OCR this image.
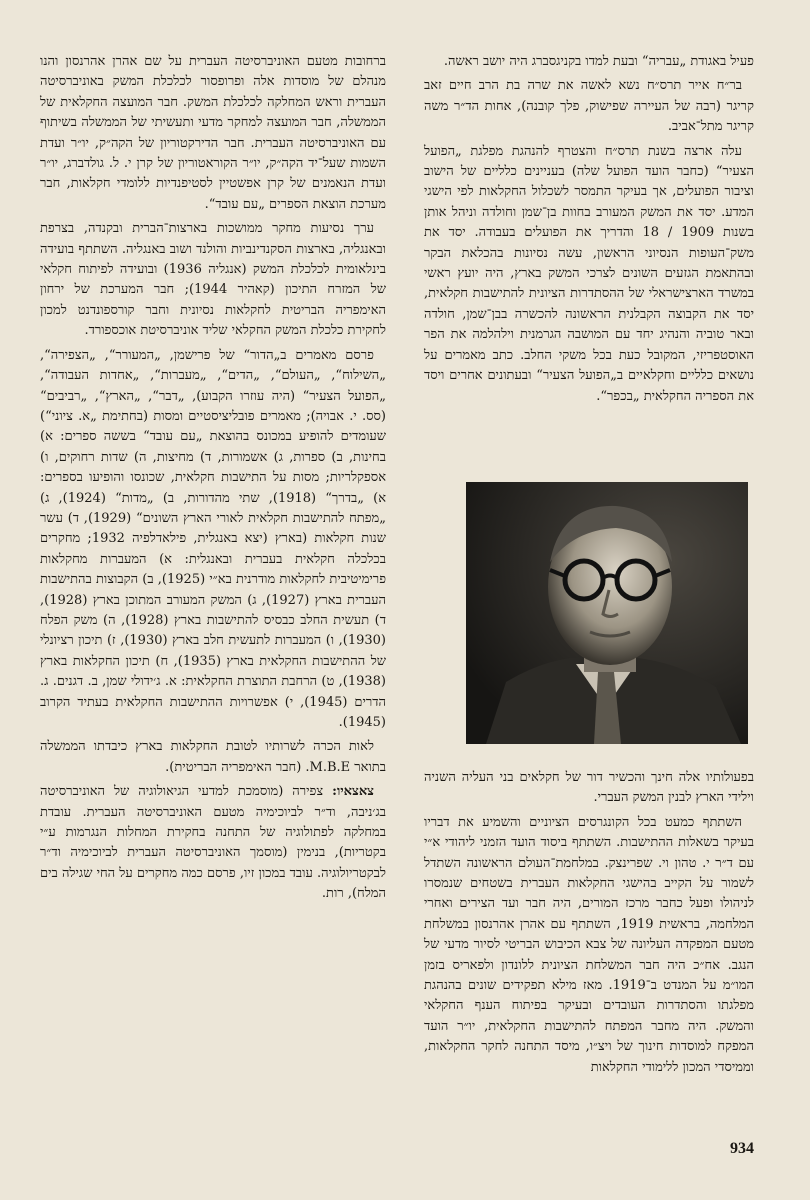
פעיל באגודת „עבריה“ ובעת למדו בקניגסברג היה יושב ראשה.

בר״ח אייר תרס״ח נשא לאשה את שרה בת הרב חיים זאב קריגר (רבה של העיירה שפישוק, פלך קובנה), אחות הד״ר משה קריגר מתל־אביב.

עלה ארצה בשנת תרס״ח והצטרף להנהגת מפלגת „הפועל הצעיר“ (כחבר הועד הפועל שלה) בעניינים כלליים של הישוב וציבור הפועלים, אך בעיקר התמסר לשכלול החקלאות לפי הישגי המדע. יסד את המשק המעורב בחוות בן־שמן וחולדה וניהל אותן בשנות 1909 / 18 והדריך את הפועלים בעבודה. יסד את משק־העופות הנסיוני הראשון, עשה נסיונות בהכלאת הבקר ובהתאמת הגזעים השונים לצרכי המשק בארץ, היה יועץ ראשי במשרד הארצישראלי של ההסתדרות הציונית להתישבות חקלאית, יסד את הקבוצה הקבלנית הראשונה להכשרה בבן־שמן, חולדה ובאר טוביה והנהיג יחד עם המושבה הגרמנית וילהלמה את הפר האוסטפריזי, המקובל כעת בכל משקי החלב. כתב מאמרים על נושאים כלליים וחקלאיים ב„הפועל הצעיר“ ובעתונים אחרים ויסד את הספריה החקלאית „בכפר“.

בפעולותיו אלה חינך והכשיר דור של חקלאים בני העליה השניה וילידי הארץ לבנין המשק העברי.

השתתף כמעט בכל הקונגרסים הציוניים והשמיע את דבריו בעיקר בשאלות ההתישבות. השתתף ביסוד הועד הזמני ליהודי א״י עם ד״ר י. טהון וי. שפרינצק. במלחמת־העולם הראשונה השתדל לשמור על הקייב בהישגי החקלאות העברית בשטחים שנמסרו לניהולו ופעל כחבר מרכז המורים, היה חבר ועד הצירים ואחרי המלחמה, בראשית 1919, השתתף עם אהרן אהרנסון במשלחת מטעם המפקדה העליונה של צבא הכיבוש הבריטי לסיור מדעי של הנגב. אח״כ היה חבר המשלחת הציונית ללונדון ולפאריס בזמן המו״מ על המנדט ב־1919. מאז מילא תפקידים שונים בהנהגת מפלגתו והסתדרות העובדים ובעיקר בפיתוח הענף החקלאי והמשק. היה מחבר המפתח להתישבות החקלאית, יו״ר הועד המפקח למוסדות חינוך של ויצ״ו, מיסד התחנה לחקר החקלאות, וממיסדי המכון ללימודי החקלאות

ברחובות מטעם האוניברסיטה העברית על שם אהרן אהרנסון והנו מנהלם של מוסדות אלה ופרופסור לכלכלת המשק באוניברסיטה העברית וראש המחלקה לכלכלת המשק. חבר המועצה החקלאית של הממשלה, חבר המועצה למחקר מדעי ותעשיתי של הממשלה בשיתוף עם האוניברסיטה העברית. חבר הדירקטוריון של הקה״ק, יו״ר ועדת השמות שעל־יד הקה״ק, יו״ר הקוראטוריון של קרן י. ל. גולדברג, יו״ר ועדת הנאמנים של קרן אפשטיין לסטיפנדיות ללומדי חקלאות, חבר מערכת הוצאת הספרים „עם עובד“.

ערך נסיעות מחקר ממושכות בארצות־הברית ובקנדה, בצרפת ובאנגליה, בארצות הסקנדינביות והולנד ושוב באנגליה. השתתף בועידה בינלאומית לכלכלת המשק (אנגליה 1936) ובועידה לפיתוח חקלאי של המזרח התיכון (קאהיר 1944); חבר המערכת של ירחון האימפריה הבריטית לחקלאות נסיונית וחבר קורספונדנט למכון לחקירת כלכלת המשק החקלאי שליד אוניברסיטת אוכספורד.

פרסם מאמרים ב„הדור“ של פרישמן, „המעורר“, „הצפירה“, „השילוח“, „העולם“, „הדים“, „מעברות“, „אחדות העבודה“, „הפועל הצעיר“ (היה עוזרו הקבוע), „דבר“, „הארץ“, „רביבים“ (סס. י. אבויה); מאמרים פובליציסטיים ומסות (בחתימת „א. ציוני“) שעומדים להופיע במכונס בהוצאת „עם עובד“ בששה ספרים: א) בחינות, ב) ספרות, ג) אשמורות, ד) מחיצות, ה) שדות רחוקים, ו) אספקלריות; מסות על התישבות חקלאית, שכונסו והופיעו בספרים: א) „בדרך“ (1918), שתי מהדורות, ב) „מדות“ (1924), ג) „מפתח להתישבות חקלאית לאורי הארץ השונים“ (1929), ד) עשר שנות חקלאות (בארץ (יצא באנגלית, פילאדלפיה 1932; מחקרים בכלכלה חקלאית בעברית ובאנגלית: א) המעברות מחקלאות פרימיטיבית לחקלאות מודרנית בא״י (1925), ב) הקבוצות בהתישבות העברית בארץ (1927), ג) המשק המעורב המתוכן בארץ (1928), ד) תעשית החלב כבסיס להתישבות בארץ (1928), ה) משק הפלח (1930), ו) המעברות לתעשית חלב בארץ (1930), ז) תיכון רציונלי של ההתישבות החקלאית בארץ (1935), ח) תיכון החקלאות בארץ (1938), ט) הרחבת התוצרת החקלאית: א. ג׳ידולי שמן, ב. דגנים. ג. הדרים (1945), י) אפשרויות ההתישבות החקלאית בעתיד הקרוב (1945).

לאות הכרה לשרותיו לטובת החקלאות בארץ כיבדתו הממשלה בתואר M.B.E. (חבר האימפריה הבריטית).

צאצאיו: צפירה (מוסמכת למדעי הגיאולוגיה של האוניברסיטה בג׳ניבה, וד״ר לביוכימיה מטעם האוניברסיטה העברית. עובדת במחלקה לפתולוגיה של התחנה בחקירת המחלות הנגרמות ע״י בקטריות), בנימין (מוסמך האוניברסיטה העברית לביוכימיה וד״ר לבקטריולוגיה. עובד במכון זיו, פרסם כמה מחקרים על החי שגילה בים המלח), רות.

934
